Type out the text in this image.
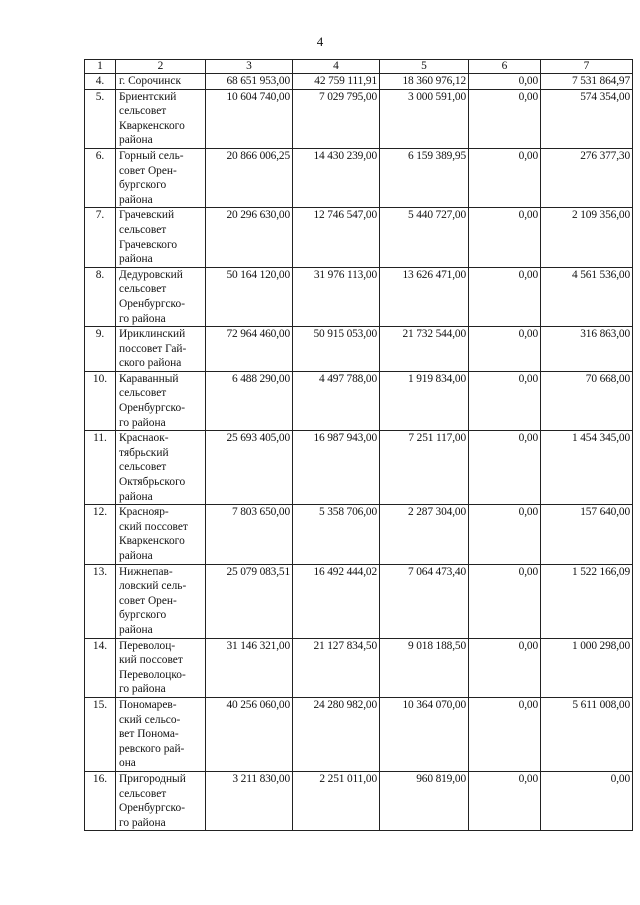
4
1	2	3	4	5	6	7
4.	г. Сорочинск	68 651 953,00	42 759 111,91	18 360 976,12	0,00	7 531 864,97
5.	Бриентский
сельсовет
Кваркенского
района	10 604 740,00	7 029 795,00	3 000 591,00	0,00	574 354,00
6.	Горный сель-
совет Орен-
бургского
района	20 866 006,25	14 430 239,00	6 159 389,95	0,00	276 377,30
7.	Грачевский
сельсовет
Грачевского
района	20 296 630,00	12 746 547,00	5 440 727,00	0,00	2 109 356,00
8.	Дедуровский
сельсовет
Оренбургско-
го района	50 164 120,00	31 976 113,00	13 626 471,00	0,00	4 561 536,00
9.	Ириклинский
поссовет Гай-
ского района	72 964 460,00	50 915 053,00	21 732 544,00	0,00	316 863,00
10.	Караванный
сельсовет
Оренбургско-
го района	6 488 290,00	4 497 788,00	1 919 834,00	0,00	70 668,00
11.	Краснаок-
тябрьский
сельсовет
Октябрьского
района	25 693 405,00	16 987 943,00	7 251 117,00	0,00	1 454 345,00
12.	Краснояр-
ский поссовет
Кваркенского
района	7 803 650,00	5 358 706,00	2 287 304,00	0,00	157 640,00
13.	Нижнепав-
ловский сель-
совет Орен-
бургского
района	25 079 083,51	16 492 444,02	7 064 473,40	0,00	1 522 166,09
14.	Переволоц-
кий поссовет
Переволоцко-
го района	31 146 321,00	21 127 834,50	9 018 188,50	0,00	1 000 298,00
15.	Пономарев-
ский сельсо-
вет Понома-
ревского рай-
она	40 256 060,00	24 280 982,00	10 364 070,00	0,00	5 611 008,00
16.	Пригородный
сельсовет
Оренбургско-
го района	3 211 830,00	2 251 011,00	960 819,00	0,00	0,00
